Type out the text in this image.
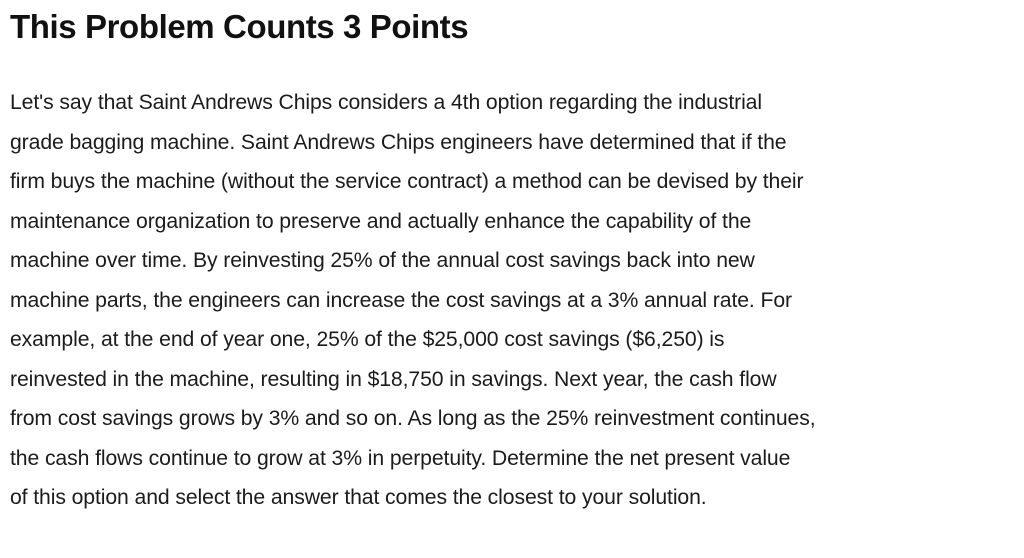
This Problem Counts 3 Points

Let's say that Saint Andrews Chips considers a 4th option regarding the industrial
grade bagging machine. Saint Andrews Chips engineers have determined that if the
firm buys the machine (without the service contract) a method can be devised by their
maintenance organization to preserve and actually enhance the capability of the
machine over time. By reinvesting 25% of the annual cost savings back into new
machine parts, the engineers can increase the cost savings at a 3% annual rate. For
example, at the end of year one, 25% of the $25,000 cost savings ($6,250) is
reinvested in the machine, resulting in $18,750 in savings. Next year, the cash flow
from cost savings grows by 3% and so on. As long as the 25% reinvestment continues,
the cash flows continue to grow at 3% in perpetuity. Determine the net present value
of this option and select the answer that comes the closest to your solution.
